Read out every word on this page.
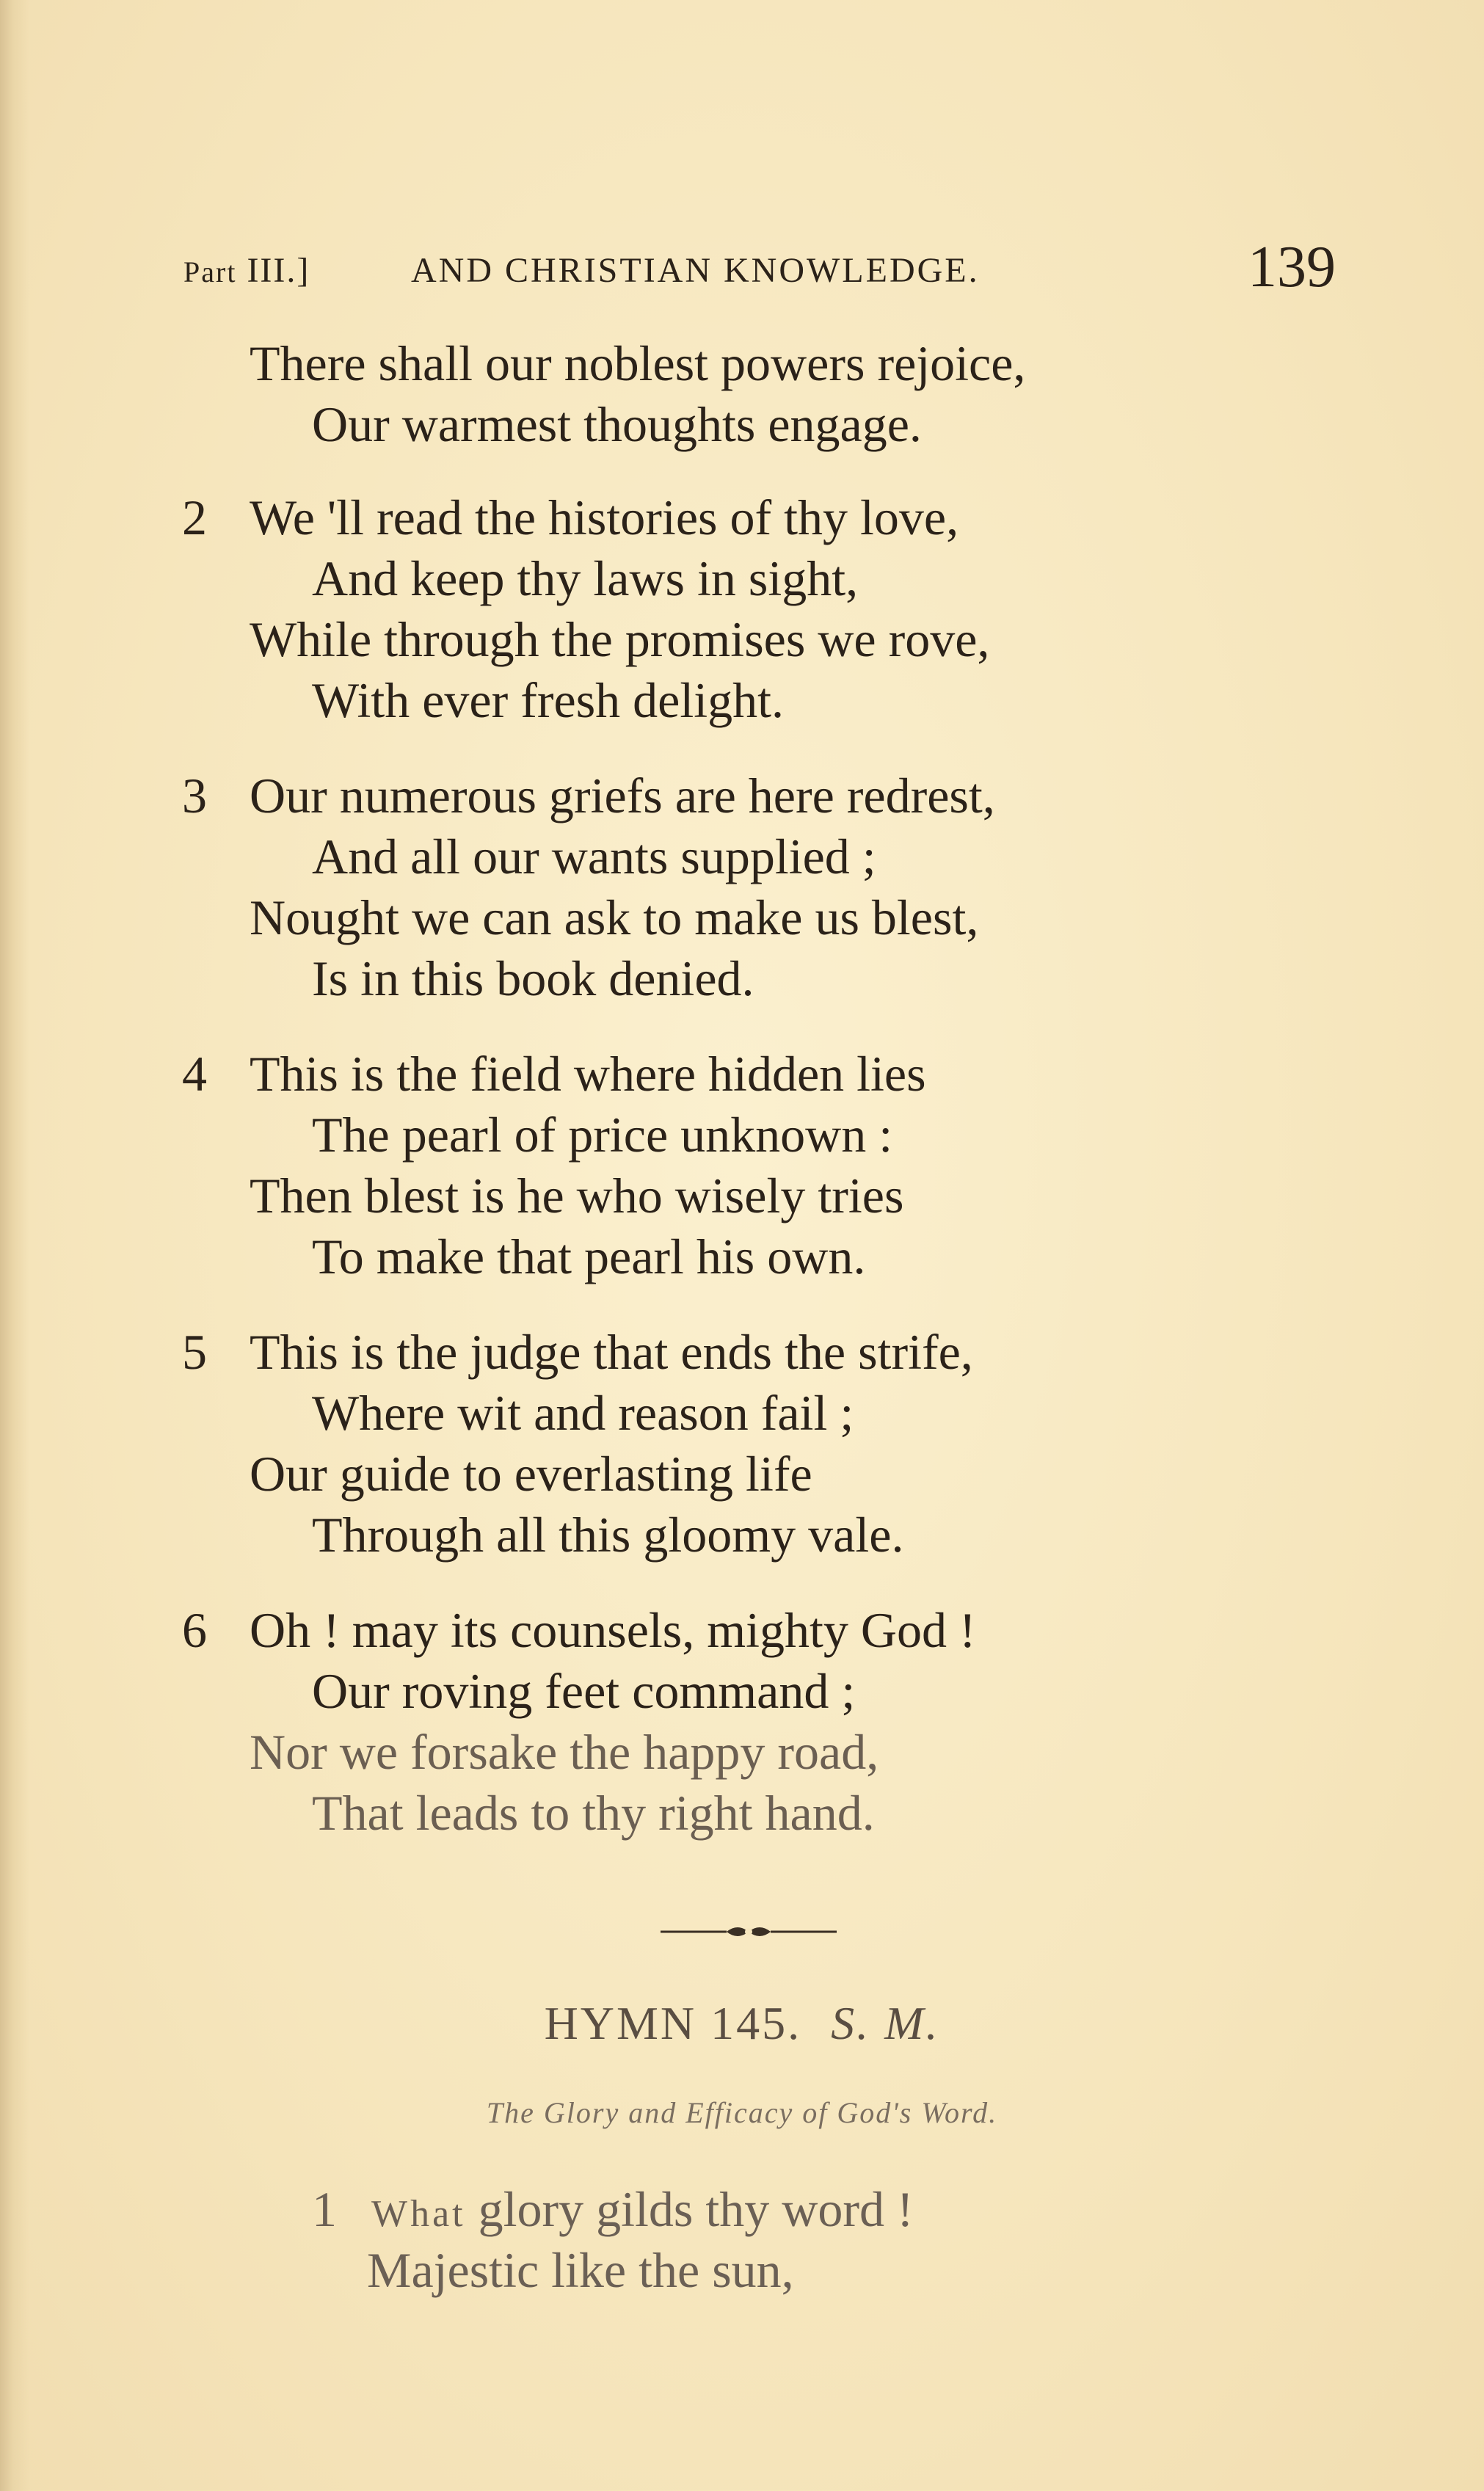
Part III.]	AND CHRISTIAN KNOWLEDGE.	139
There shall our noblest powers rejoice,
Our warmest thoughts engage.
2 We 'll read the histories of thy love,
And keep thy laws in sight,
While through the promises we rove,
With ever fresh delight.
3 Our numerous griefs are here redrest,
And all our wants supplied ;
Nought we can ask to make us blest,
Is in this book denied.
4 This is the field where hidden lies
The pearl of price unknown :
Then blest is he who wisely tries
To make that pearl his own.
5 This is the judge that ends the strife,
Where wit and reason fail ;
Our guide to everlasting life
Through all this gloomy vale.
6 Oh ! may its counsels, mighty God !
Our roving feet command ;
Nor we forsake the happy road,
That leads to thy right hand.
HYMN 145. S. M.
The Glory and Efficacy of God's Word.
1 What glory gilds thy word !
Majestic like the sun,
